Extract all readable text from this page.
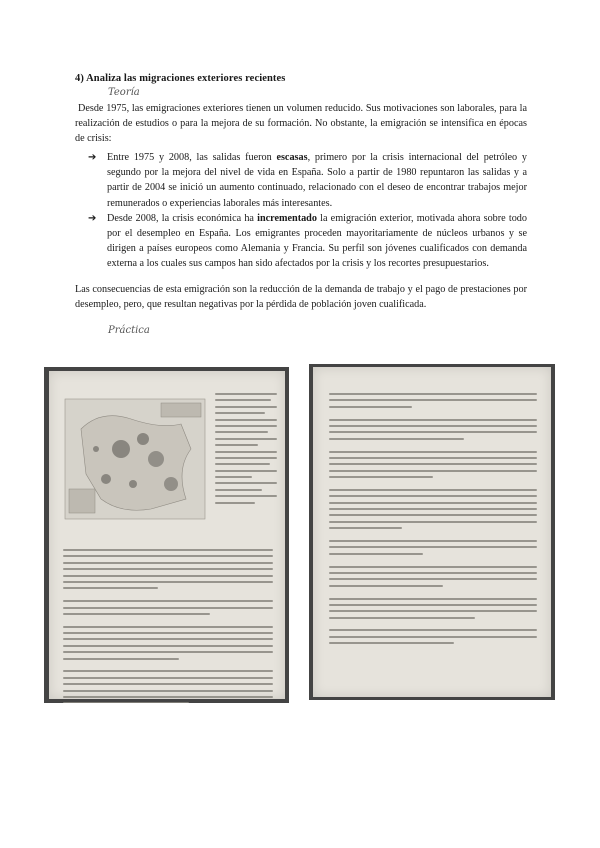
4) Analiza las migraciones exteriores recientes
Teoría

Desde 1975, las emigraciones exteriores tienen un volumen reducido. Sus motivaciones son laborales, para la realización de estudios o para la mejora de su formación. No obstante, la emigración se intensifica en épocas de crisis:

➔ Entre 1975 y 2008, las salidas fueron escasas, primero por la crisis internacional del petróleo y segundo por la mejora del nivel de vida en España. Solo a partir de 1980 repuntaron las salidas y a partir de 2004 se inició un aumento continuado, relacionado con el deseo de encontrar trabajos mejor remunerados o experiencias laborales más interesantes.
➔ Desde 2008, la crisis económica ha incrementado la emigración exterior, motivada ahora sobre todo por el desempleo en España. Los emigrantes proceden mayoritariamente de núcleos urbanos y se dirigen a países europeos como Alemania y Francia. Su perfil son jóvenes cualificados con demanda externa a los cuales sus campos han sido afectados por la crisis y los recortes presupuestarios.

Las consecuencias de esta emigración son la reducción de la demanda de trabajo y el pago de prestaciones por desempleo, pero, que resultan negativas por la pérdida de población joven cualificada.

Práctica
